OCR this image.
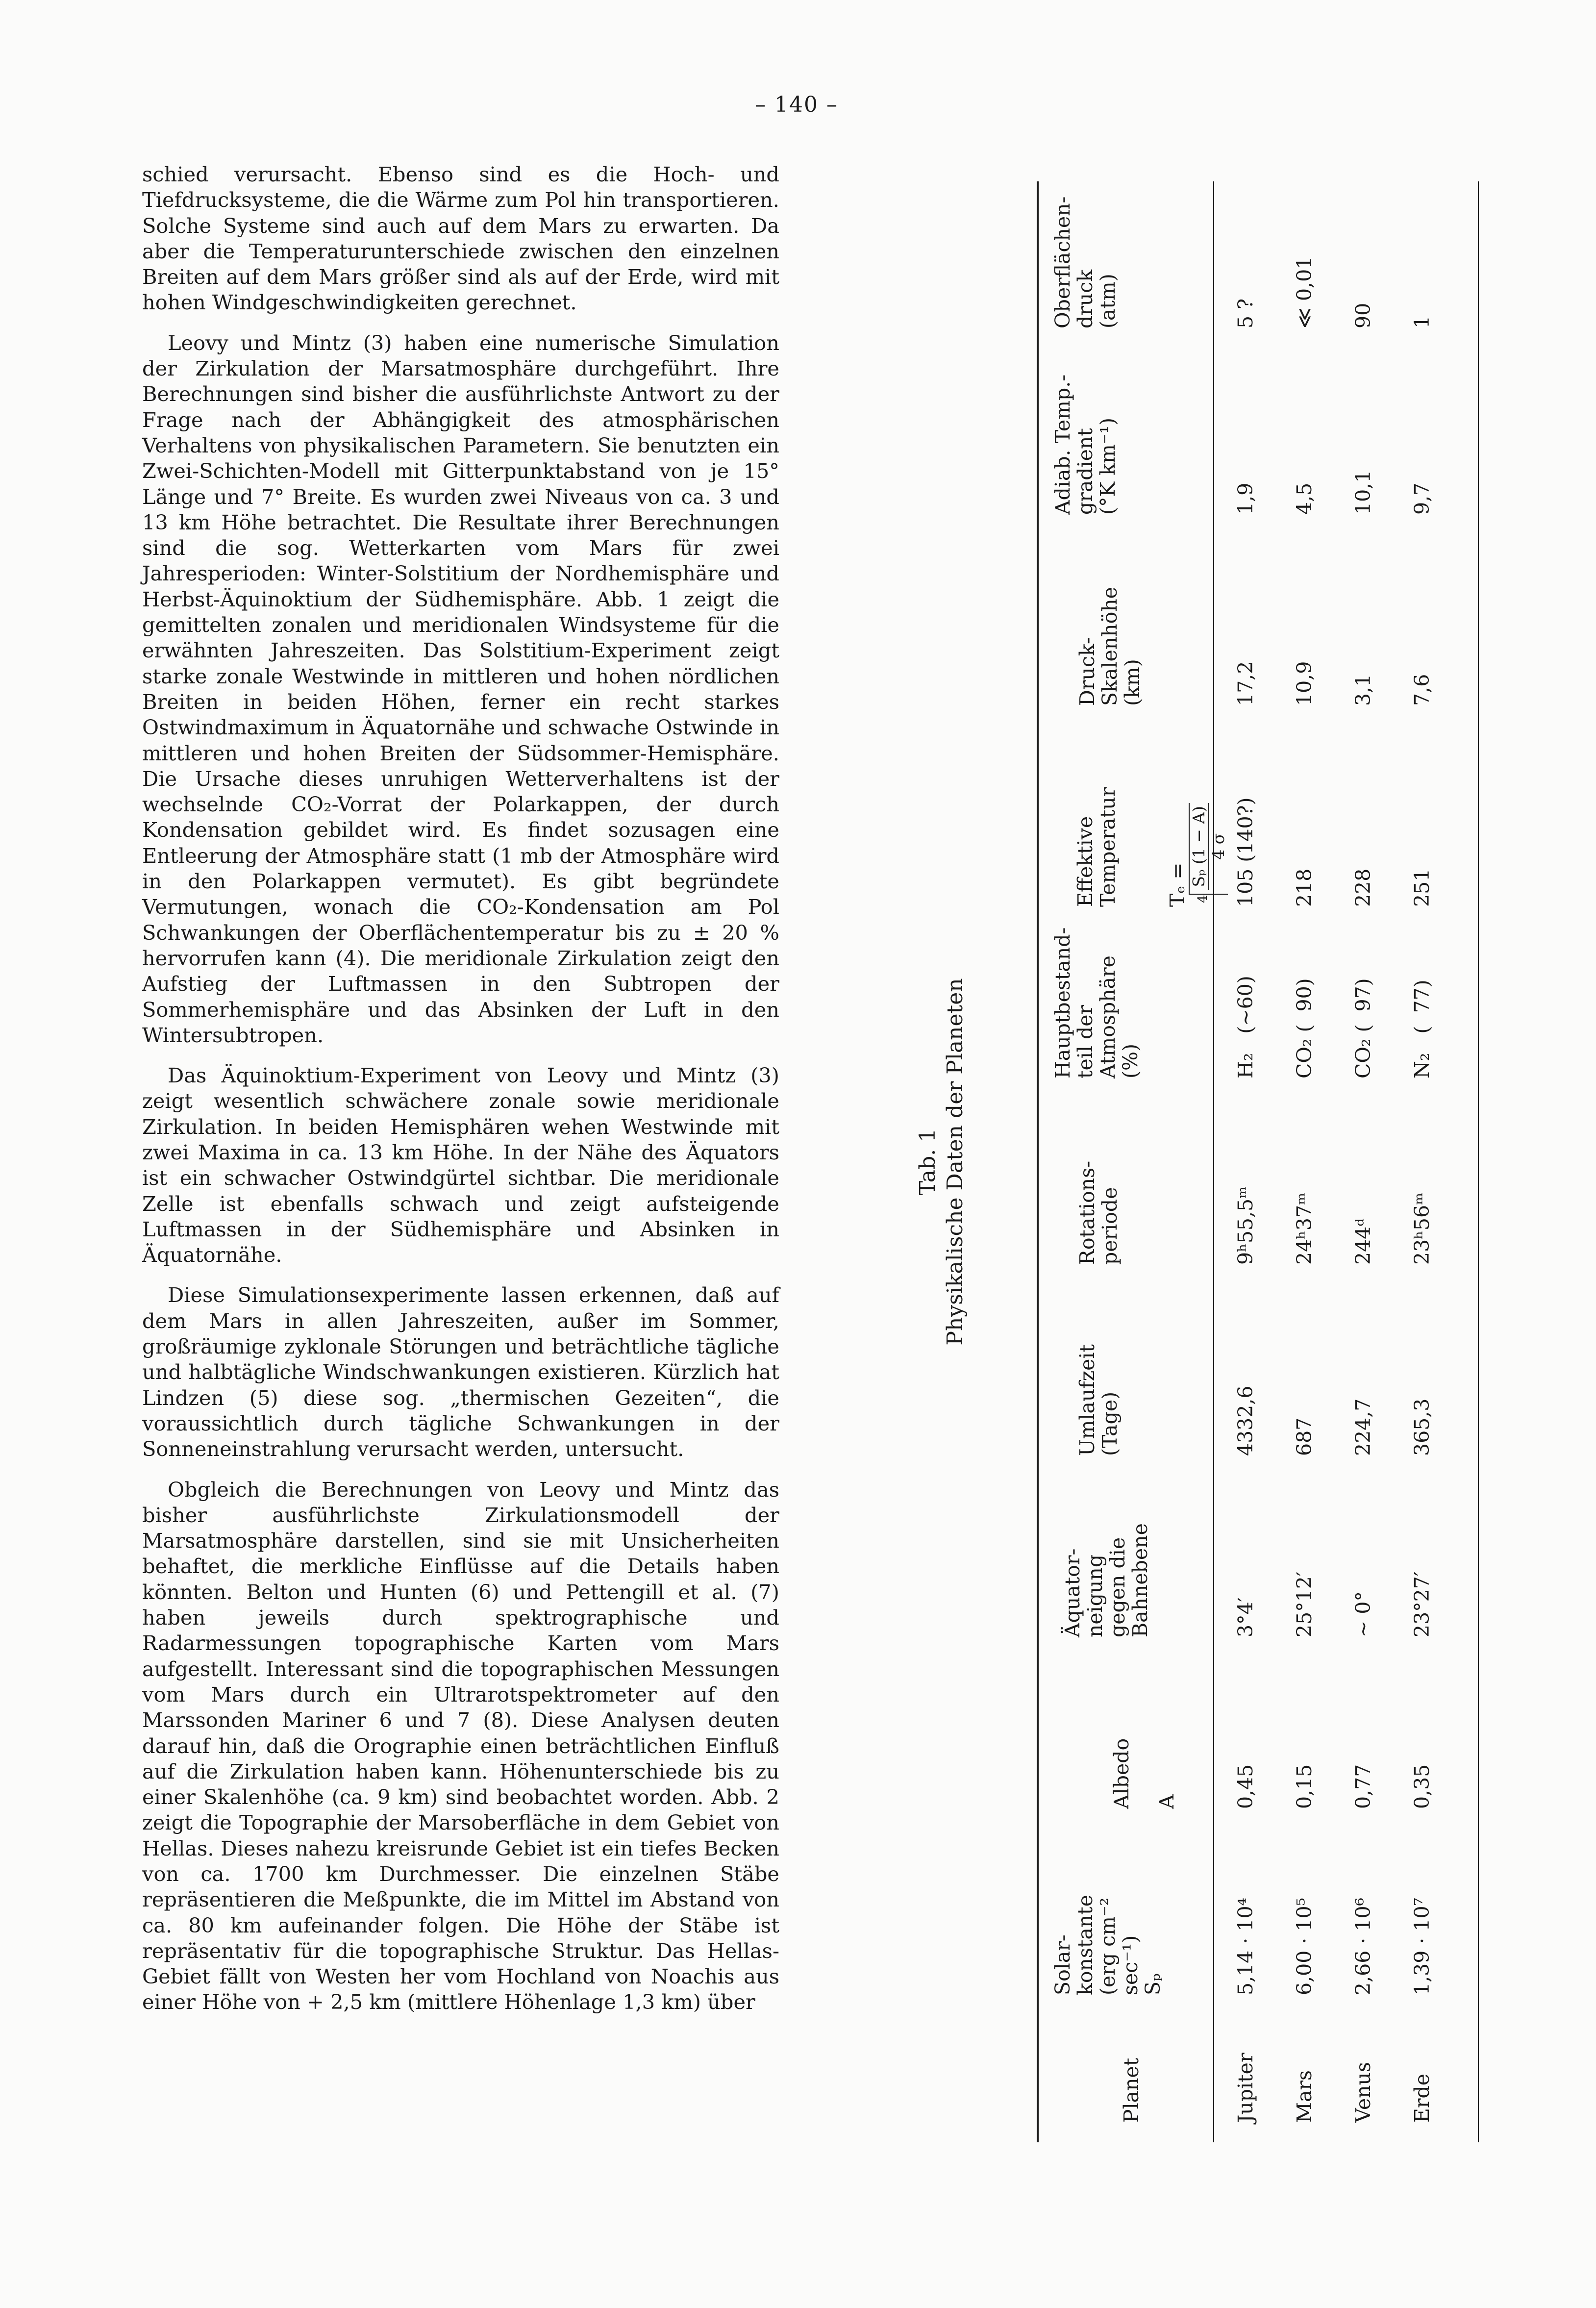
– 140 –

schied verursacht. Ebenso sind es die Hoch- und Tiefdrucksysteme, die die Wärme zum Pol hin transportieren. Solche Systeme sind auch auf dem Mars zu erwarten. Da aber die Temperaturunterschiede zwischen den einzelnen Breiten auf dem Mars größer sind als auf der Erde, wird mit hohen Windgeschwindigkeiten gerechnet.

Leovy und Mintz (3) haben eine numerische Simulation der Zirkulation der Marsatmosphäre durchgeführt. Ihre Berechnungen sind bisher die ausführlichste Antwort zu der Frage nach der Abhängigkeit des atmosphärischen Verhaltens von physikalischen Parametern. Sie benutzten ein Zwei-Schichten-Modell mit Gitterpunktabstand von je 15° Länge und 7° Breite. Es wurden zwei Niveaus von ca. 3 und 13 km Höhe betrachtet. Die Resultate ihrer Berechnungen sind die sog. Wetterkarten vom Mars für zwei Jahresperioden: Winter-Solstitium der Nordhemisphäre und Herbst-Äquinoktium der Südhemisphäre. Abb. 1 zeigt die gemittelten zonalen und meridionalen Windsysteme für die erwähnten Jahreszeiten. Das Solstitium-Experiment zeigt starke zonale Westwinde in mittleren und hohen nördlichen Breiten in beiden Höhen, ferner ein recht starkes Ostwindmaximum in Äquatornähe und schwache Ostwinde in mittleren und hohen Breiten der Südsommer-Hemisphäre. Die Ursache dieses unruhigen Wetterverhaltens ist der wechselnde CO₂-Vorrat der Polarkappen, der durch Kondensation gebildet wird. Es findet sozusagen eine Entleerung der Atmosphäre statt (1 mb der Atmosphäre wird in den Polarkappen vermutet). Es gibt begründete Vermutungen, wonach die CO₂-Kondensation am Pol Schwankungen der Oberflächentemperatur bis zu ± 20 % hervorrufen kann (4). Die meridionale Zirkulation zeigt den Aufstieg der Luftmassen in den Subtropen der Sommerhemisphäre und das Absinken der Luft in den Wintersubtropen.

Das Äquinoktium-Experiment von Leovy und Mintz (3) zeigt wesentlich schwächere zonale sowie meridionale Zirkulation. In beiden Hemisphären wehen Westwinde mit zwei Maxima in ca. 13 km Höhe. In der Nähe des Äquators ist ein schwacher Ostwindgürtel sichtbar. Die meridionale Zelle ist ebenfalls schwach und zeigt aufsteigende Luftmassen in der Südhemisphäre und Absinken in Äquatornähe.

Diese Simulationsexperimente lassen erkennen, daß auf dem Mars in allen Jahreszeiten, außer im Sommer, großräumige zyklonale Störungen und beträchtliche tägliche und halbtägliche Windschwankungen existieren. Kürzlich hat Lindzen (5) diese sog. „thermischen Gezeiten“, die voraussichtlich durch tägliche Schwankungen in der Sonneneinstrahlung verursacht werden, untersucht.

Obgleich die Berechnungen von Leovy und Mintz das bisher ausführlichste Zirkulationsmodell der Marsatmosphäre darstellen, sind sie mit Unsicherheiten behaftet, die merkliche Einflüsse auf die Details haben könnten. Belton und Hunten (6) und Pettengill et al. (7) haben jeweils durch spektrographische und Radarmessungen topographische Karten vom Mars aufgestellt. Interessant sind die topographischen Messungen vom Mars durch ein Ultrarotspektrometer auf den Marssonden Mariner 6 und 7 (8). Diese Analysen deuten darauf hin, daß die Orographie einen beträchtlichen Einfluß auf die Zirkulation haben kann. Höhenunterschiede bis zu einer Skalenhöhe (ca. 9 km) sind beobachtet worden. Abb. 2 zeigt die Topographie der Marsoberfläche in dem Gebiet von Hellas. Dieses nahezu kreisrunde Gebiet ist ein tiefes Becken von ca. 1700 km Durchmesser. Die einzelnen Stäbe repräsentieren die Meßpunkte, die im Mittel im Abstand von ca. 80 km aufeinander folgen. Die Höhe der Stäbe ist repräsentativ für die topographische Struktur. Das Hellas-Gebiet fällt von Westen her vom Hochland von Noachis aus einer Höhe von + 2,5 km (mittlere Höhenlage 1,3 km) über

Tab. 1 Physikalische Daten der Planeten
Planet
Solar-
konstante
(erg cm⁻²
sec⁻¹)
Sₚ
Albedo

A
Äquator-
neigung
gegen die
Bahnebene
Umlaufzeit
(Tage)
Rotations-
periode
Hauptbestand-
teil der
Atmosphäre
(%)

Effektive
Temperatur Tₑ = $^4$
Sₚ (1 − A) 4 σ

Druck-
Skalenhöhe
(km)
Adiab. Temp.-
gradient
(°K km⁻¹)
Oberflächen-
druck
(atm)
Jupiter
5,14 · 10⁴
0,45
3°4′
4332,6
9ʰ55,5ᵐ
H₂   (∼60)
105 (140?)
17,2
1,9
5 ?
Mars
6,00 · 10⁵
0,15
25°12′
687
24ʰ37ᵐ
CO₂ (  90)
218
10,9
4,5
≪ 0,01
Venus
2,66 · 10⁶
0,77
∼ 0°
224,7
244ᵈ
CO₂ (  97)
228
3,1
10,1
90
Erde
1,39 · 10⁷
0,35
23°27′
365,3
23ʰ56ᵐ
N₂   (  77)
251
7,6
9,7
1
